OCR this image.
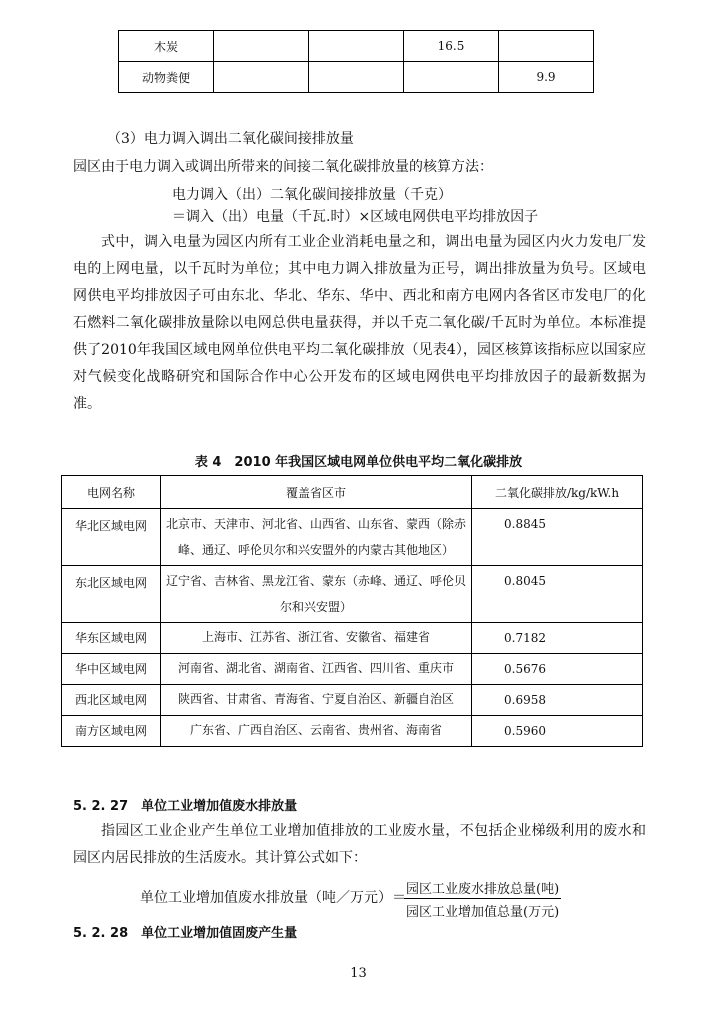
木炭			16.5	
动物粪便				9.9
（3）电力调入调出二氧化碳间接排放量
园区由于电力调入或调出所带来的间接二氧化碳排放量的核算方法：
电力调入（出）二氧化碳间接排放量（千克）
＝调入（出）电量（千瓦.时）×区域电网供电平均排放因子
式中，调入电量为园区内所有工业企业消耗电量之和，调出电量为园区内火力发电厂发电的上网电量，以千瓦时为单位；其中电力调入排放量为正号，调出排放量为负号。区域电网供电平均排放因子可由东北、华北、华东、华中、西北和南方电网内各省区市发电厂的化石燃料二氧化碳排放量除以电网总供电量获得，并以千克二氧化碳/千瓦时为单位。本标准提供了2010年我国区域电网单位供电平均二氧化碳排放（见表4），园区核算该指标应以国家应对气候变化战略研究和国际合作中心公开发布的区域电网供电平均排放因子的最新数据为准。
表 4　2010 年我国区域电网单位供电平均二氧化碳排放
电网名称	覆盖省区市	二氧化碳排放/kg/kW.h
华北区域电网	北京市、天津市、河北省、山西省、山东省、蒙西（除赤峰、通辽、呼伦贝尔和兴安盟外的内蒙古其他地区）	0.8845
东北区域电网	辽宁省、吉林省、黑龙江省、蒙东（赤峰、通辽、呼伦贝尔和兴安盟）	0.8045
华东区域电网	上海市、江苏省、浙江省、安徽省、福建省	0.7182
华中区域电网	河南省、湖北省、湖南省、江西省、四川省、重庆市	0.5676
西北区域电网	陕西省、甘肃省、青海省、宁夏自治区、新疆自治区	0.6958
南方区域电网	广东省、广西自治区、云南省、贵州省、海南省	0.5960
5. 2. 27　单位工业增加值废水排放量
指园区工业企业产生单位工业增加值排放的工业废水量，不包括企业梯级利用的废水和园区内居民排放的生活废水。其计算公式如下：
单位工业增加值废水排放量（吨／万元）＝
园区工业废水排放总量(吨)
园区工业增加值总量(万元)
5. 2. 28　单位工业增加值固废产生量
13
